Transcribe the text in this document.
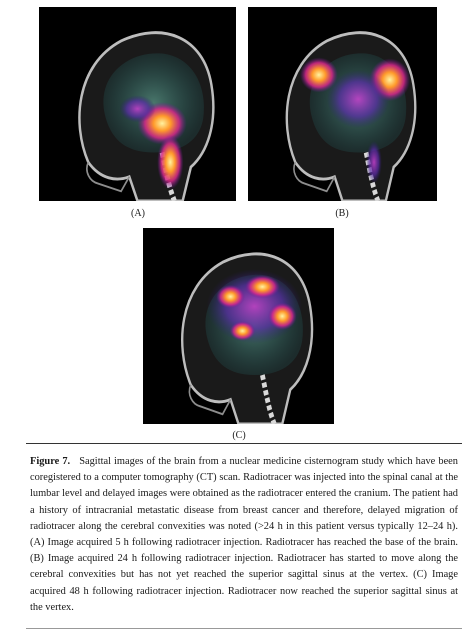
(A)	(B)
(C)

Figure 7. Sagittal images of the brain from a nuclear medicine cisternogram study which have been coregistered to a computer tomography (CT) scan. Radiotracer was injected into the spinal canal at the lumbar level and delayed images were obtained as the radiotracer entered the cranium. The patient had a history of intracranial metastatic disease from breast cancer and therefore, delayed migration of radiotracer along the cerebral convexities was noted (>24 h in this patient versus typically 12–24 h). (A) Image acquired 5 h following radiotracer injection. Radiotracer has reached the base of the brain. (B) Image acquired 24 h following radiotracer injection. Radiotracer has started to move along the cerebral convexities but has not yet reached the superior sagittal sinus at the vertex. (C) Image acquired 48 h following radiotracer injection. Radiotracer now reached the superior sagittal sinus at the vertex.
